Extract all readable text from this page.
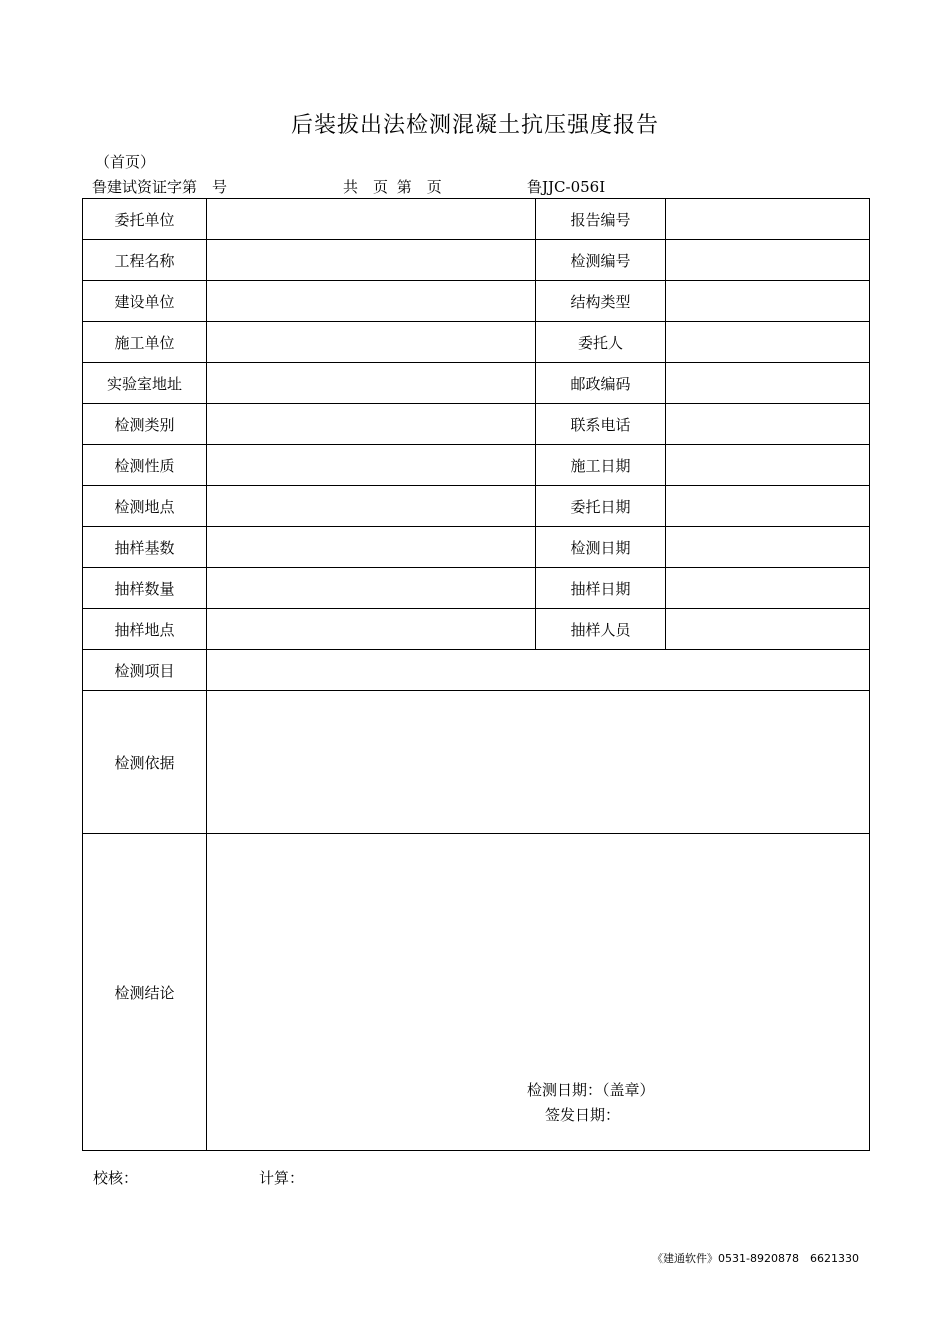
后装拔出法检测混凝土抗压强度报告
（首页）
鲁建试资证字第　号	共　页 第　页	鲁JJC-056Ⅰ
委托单位		报告编号	
工程名称		检测编号	
建设单位		结构类型	
施工单位		委托人	
实验室地址		邮政编码	
检测类别		联系电话	
检测性质		施工日期	
检测地点		委托日期	
抽样基数		检测日期	
抽样数量		抽样日期	
抽样地点		抽样人员	
检测项目			
检测依据			
检测结论	检测日期：（盖章）
签发日期：		
校核：	计算：
《建通软件》0531-8920878　6621330
